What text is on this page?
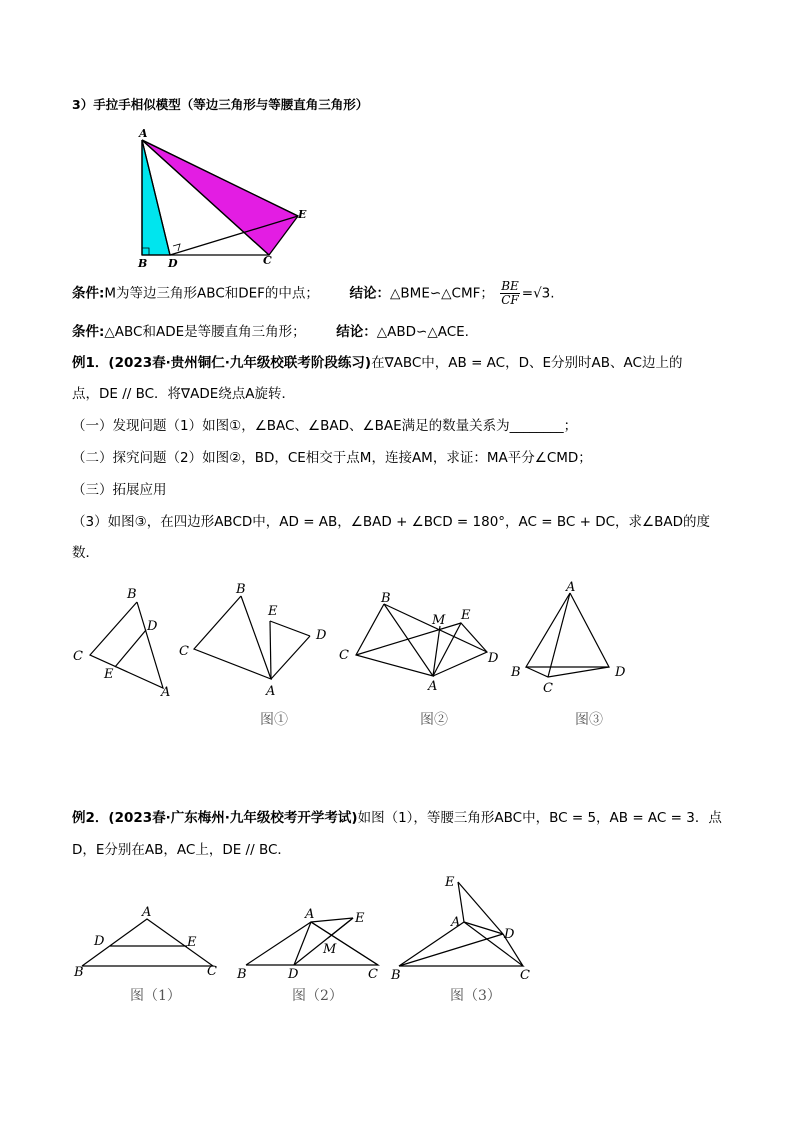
3）手拉手相似模型（等边三角形与等腰直角三角形）
A
B D	C
E
条件:M为等边三角形ABC和DEF的中点； 结论：△BME∽△CMF； $\frac{BE}{CF} =√3$.
条件:△ABC和ADE是等腰直角三角形； 结论：△ABD∽△ACE.
例1．(2023春·贵州铜仁·九年级校联考阶段练习)在∇ABC中，AB = AC，D、E分别时AB、AC边上的
点，DE // BC．将∇ADE绕点A旋转．
（一）发现问题（1）如图①，∠BAC、∠BAD、∠BAE满足的数量关系为________；
（二）探究问题（2）如图②，BD，CE相交于点M，连接AM，求证：MA平分∠CMD；
（三）拓展应用
（3）如图③，在四边形ABCD中，AD = AB，∠BAD + ∠BCD = 180°，AC = BC + DC，求∠BAD的度
数．
B
D
C
E
A
B
E
D
C
A
图①
B
M E
C	D
A
图②
A
B	D
C
图③
例2．(2023春·广东梅州·九年级校考开学考试)如图（1），等腰三角形ABC中，BC = 5，AB = AC = 3．点
D，E分别在AB，AC上，DE // BC．
A
D	E
B	C
图（1）
A	E
M
B	D	C
图（2）
E
A
D
B	C
图（3）
